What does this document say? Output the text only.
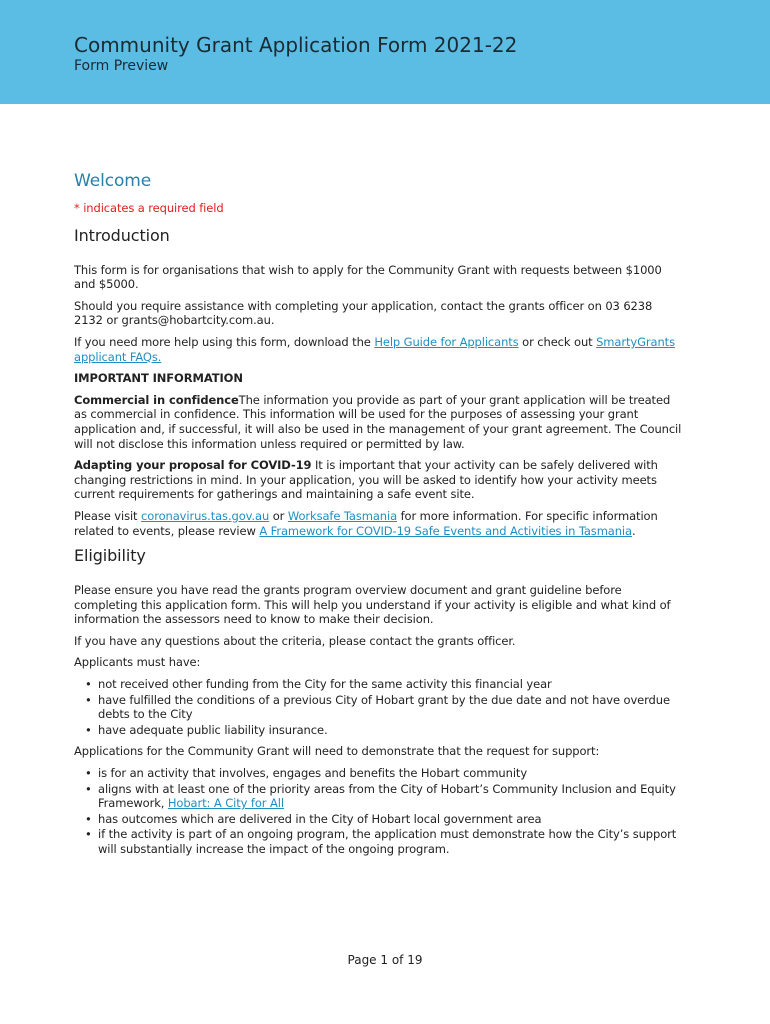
Community Grant Application Form 2021-22
Form Preview
Welcome

* indicates a required field

Introduction

This form is for organisations that wish to apply for the Community Grant with requests between $1000 and $5000.

Should you require assistance with completing your application, contact the grants officer on 03 6238 2132 or grants@hobartcity.com.au.

If you need more help using this form, download the Help Guide for Applicants or check out SmartyGrants applicant FAQs.

IMPORTANT INFORMATION

Commercial in confidenceThe information you provide as part of your grant application will be treated as commercial in confidence. This information will be used for the purposes of assessing your grant application and, if successful, it will also be used in the management of your grant agreement. The Council will not disclose this information unless required or permitted by law.

Adapting your proposal for COVID-19 It is important that your activity can be safely delivered with changing restrictions in mind. In your application, you will be asked to identify how your activity meets current requirements for gatherings and maintaining a safe event site.

Please visit coronavirus.tas.gov.au or Worksafe Tasmania for more information. For specific information related to events, please review A Framework for COVID-19 Safe Events and Activities in Tasmania.

Eligibility

Please ensure you have read the grants program overview document and grant guideline before completing this application form. This will help you understand if your activity is eligible and what kind of information the assessors need to know to make their decision.

If you have any questions about the criteria, please contact the grants officer.

Applicants must have:

• not received other funding from the City for the same activity this financial year
• have fulfilled the conditions of a previous City of Hobart grant by the due date and not have overdue debts to the City
• have adequate public liability insurance.

Applications for the Community Grant will need to demonstrate that the request for support:

• is for an activity that involves, engages and benefits the Hobart community
• aligns with at least one of the priority areas from the City of Hobart’s Community Inclusion and Equity Framework, Hobart: A City for All
• has outcomes which are delivered in the City of Hobart local government area
• if the activity is part of an ongoing program, the application must demonstrate how the City’s support will substantially increase the impact of the ongoing program.
Page 1 of 19
